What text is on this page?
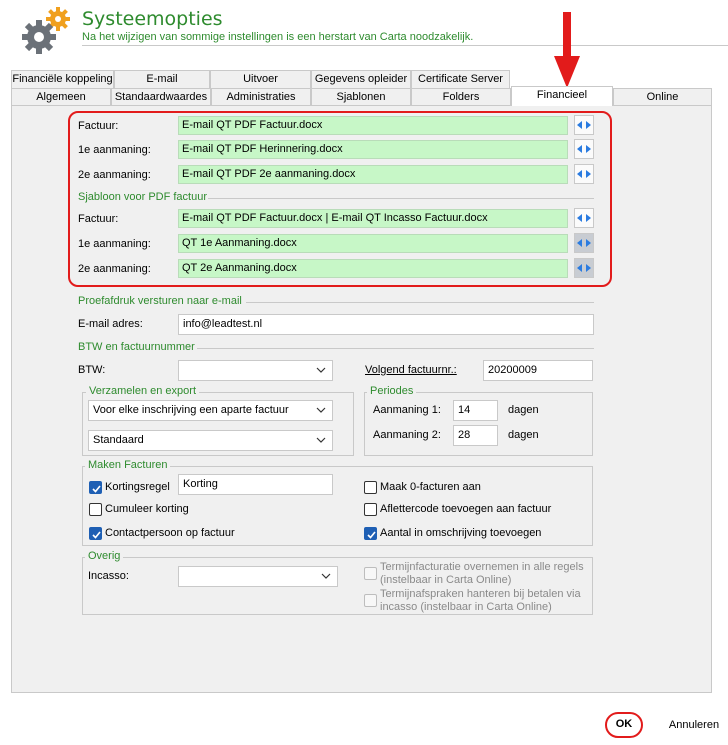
Systeemopties
Na het wijzigen van sommige instellingen is een herstart van Carta noodzakelijk.
Financiële koppeling	E-mail	Uitvoer	Gegevens opleider Certificate Server
Algemeen	Standaardwaardes	Administraties	Sjablonen	Folders	Financieel	Online
Factuur:	E-mail QT PDF Factuur.docx
1e aanmaning:	E-mail QT PDF Herinnering.docx
2e aanmaning:	E-mail QT PDF 2e aanmaning.docx
Sjabloon voor PDF factuur
Factuur:	E-mail QT PDF Factuur.docx | E-mail QT Incasso Factuur.docx
1e aanmaning:	QT 1e Aanmaning.docx
2e aanmaning:	QT 2e Aanmaning.docx
Proefafdruk versturen naar e-mail
E-mail adres:	info@leadtest.nl
BTW en factuurnummer
BTW:	Volgend factuurnr.:	20200009
Verzamelen en export
Voor elke inschrijving een aparte factuur
Standaard
Periodes
Aanmaning 1:	14	dagen
Aanmaning 2:	28	dagen
Maken Facturen
Kortingsregel	Korting
Cumuleer korting
Contactpersoon op factuur
Maak 0-facturen aan
Aflettercode toevoegen aan factuur
Aantal in omschrijving toevoegen
Overig
Incasso:
Termijnfacturatie overnemen in alle regels
(instelbaar in Carta Online)
Termijnafspraken hanteren bij betalen via
incasso (instelbaar in Carta Online)
OK	Annuleren
